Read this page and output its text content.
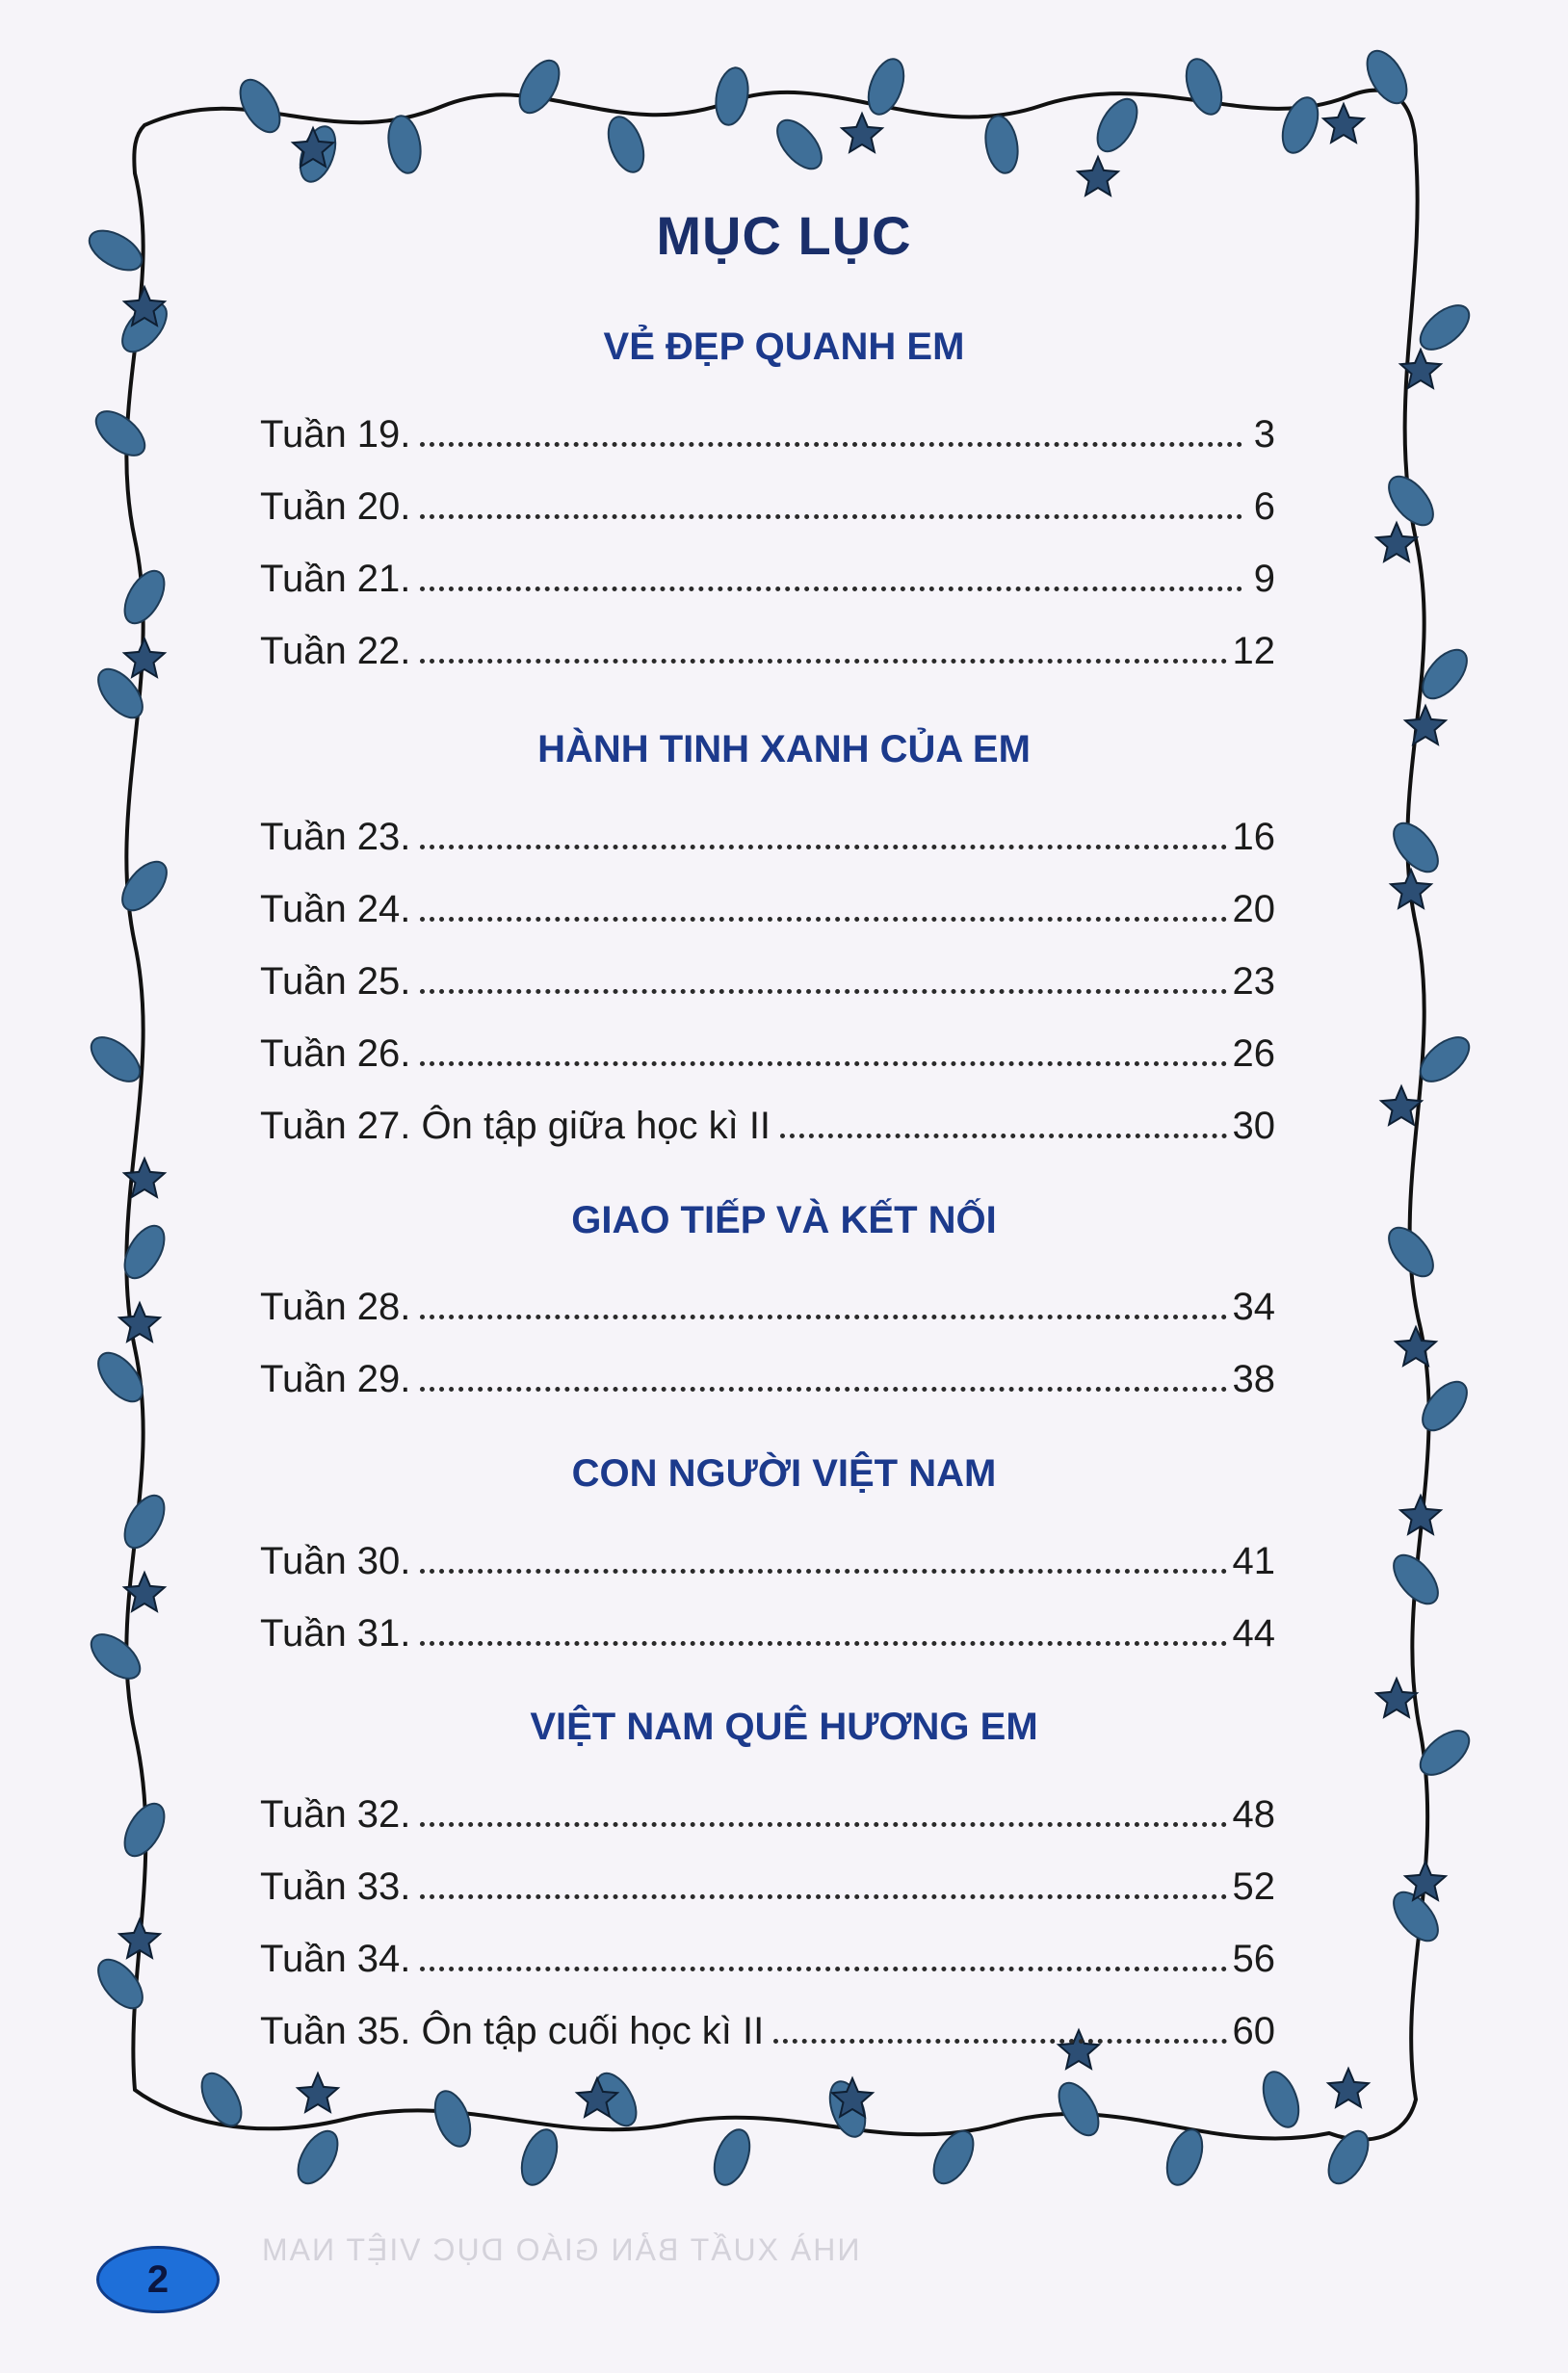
MỤC LỤC
VẺ ĐẸP QUANH EM
Tuần 19.	3
Tuần 20.	6
Tuần 21.	9
Tuần 22.	12
HÀNH TINH XANH CỦA EM
Tuần 23.	16
Tuần 24.	20
Tuần 25.	23
Tuần 26.	26
Tuần 27. Ôn tập giữa học kì II	30
GIAO TIẾP VÀ KẾT NỐI
Tuần 28.	34
Tuần 29.	38
CON NGƯỜI VIỆT NAM
Tuần 30.	41
Tuần 31.	44
VIỆT NAM QUÊ HƯƠNG EM
Tuần 32.	48
Tuần 33.	52
Tuần 34.	56
Tuần 35. Ôn tập cuối học kì II	60
2
NHÀ XUẤT BẢN GIÁO DỤC VIỆT NAM
